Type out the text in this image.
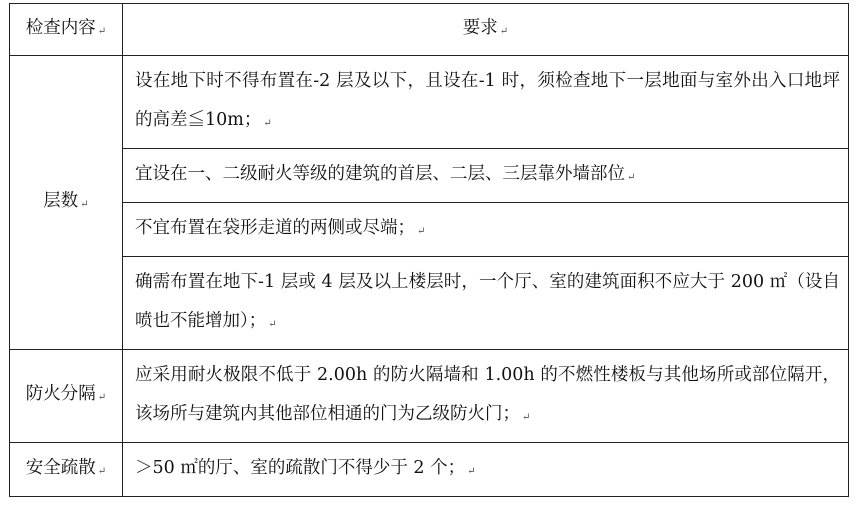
检查内容 ↵	要求 ↵
层数 ↵	设在地下时不得布置在-2 层及以下，且设在-1 时，须检查地下一层地面与室外出入口地坪的高差≦10m； ↵
	宜设在一、二级耐火等级的建筑的首层、二层、三层靠外墙部位 ↵
	不宜布置在袋形走道的两侧或尽端； ↵
	确需布置在地下-1 层或 4 层及以上楼层时，一个厅、室的建筑面积不应大于 200 ㎡（设自喷也不能增加）； ↵
防火分隔 ↵	应采用耐火极限不低于 2.00h 的防火隔墙和 1.00h 的不燃性楼板与其他场所或部位隔开，该场所与建筑内其他部位相通的门为乙级防火门； ↵
安全疏散 ↵	＞50 ㎡的厅、室的疏散门不得少于 2 个； ↵
